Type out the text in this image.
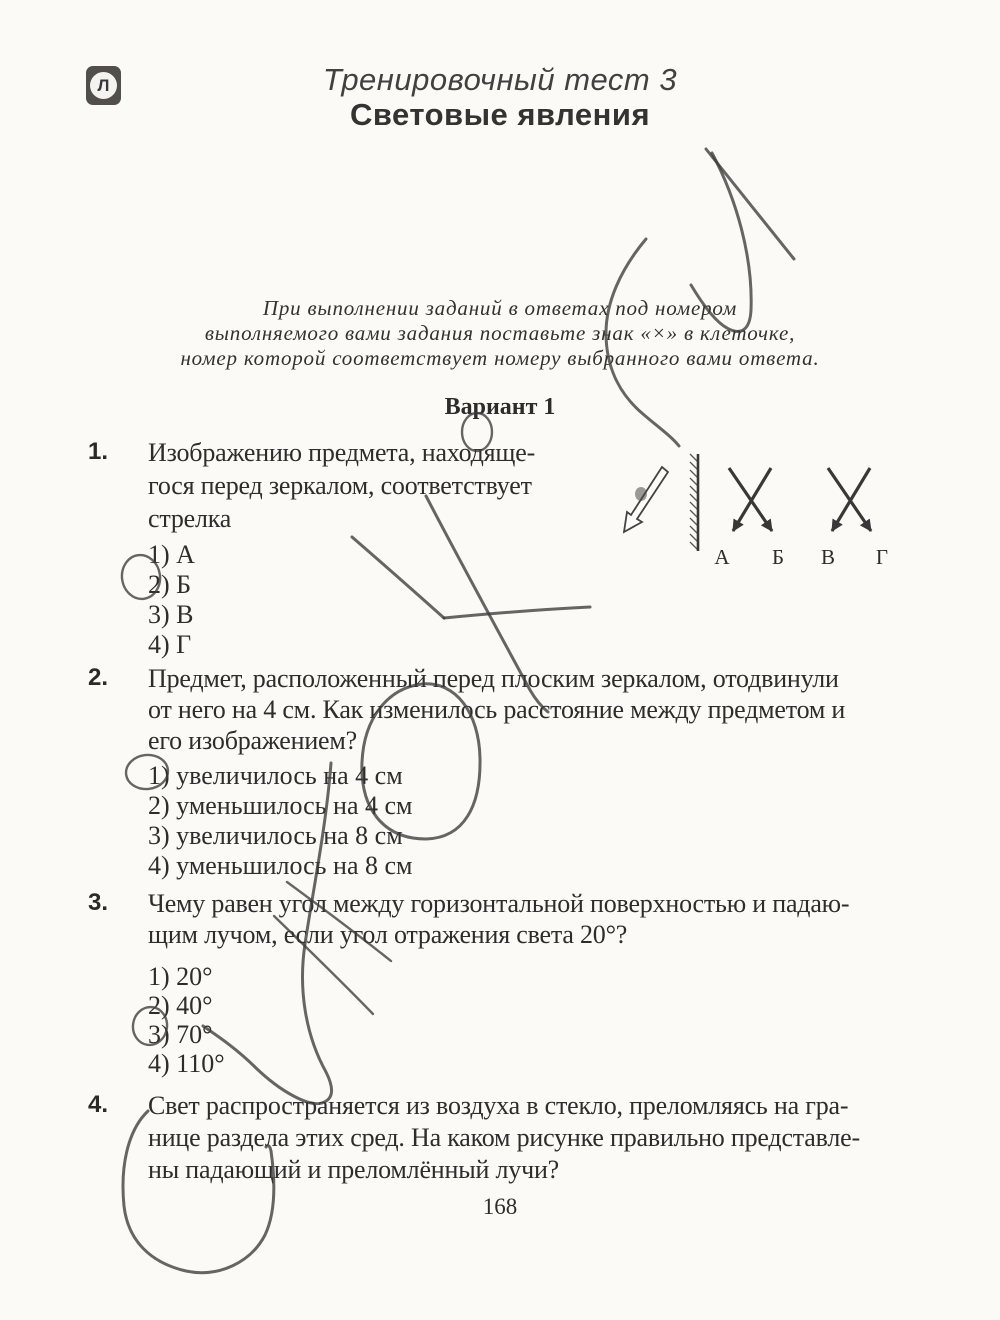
Л	Тренировочный тест 3
Световые явления
При выполнении заданий в ответах под номером
выполняемого вами задания поставьте знак «×» в клеточке,
номер которой соответствует номеру выбранного вами ответа.
Вариант 1
1. Изображению предмета, находяще-
гося перед зеркалом, соответствует
стрелка
1) А
2) Б
3) В
4) Г
А Б В Г
2. Предмет, расположенный перед плоским зеркалом, отодвинули
от него на 4 см. Как изменилось расстояние между предметом и
его изображением?
1) увеличилось на 4 см
2) уменьшилось на 4 см
3) увеличилось на 8 см
4) уменьшилось на 8 см
3. Чему равен угол между горизонтальной поверхностью и падаю-
щим лучом, если угол отражения света 20°?
1) 20°
2) 40°
3) 70°
4) 110°
4. Свет распространяется из воздуха в стекло, преломляясь на гра-
нице раздела этих сред. На каком рисунке правильно представле-
ны падающий и преломлённый лучи?
168
